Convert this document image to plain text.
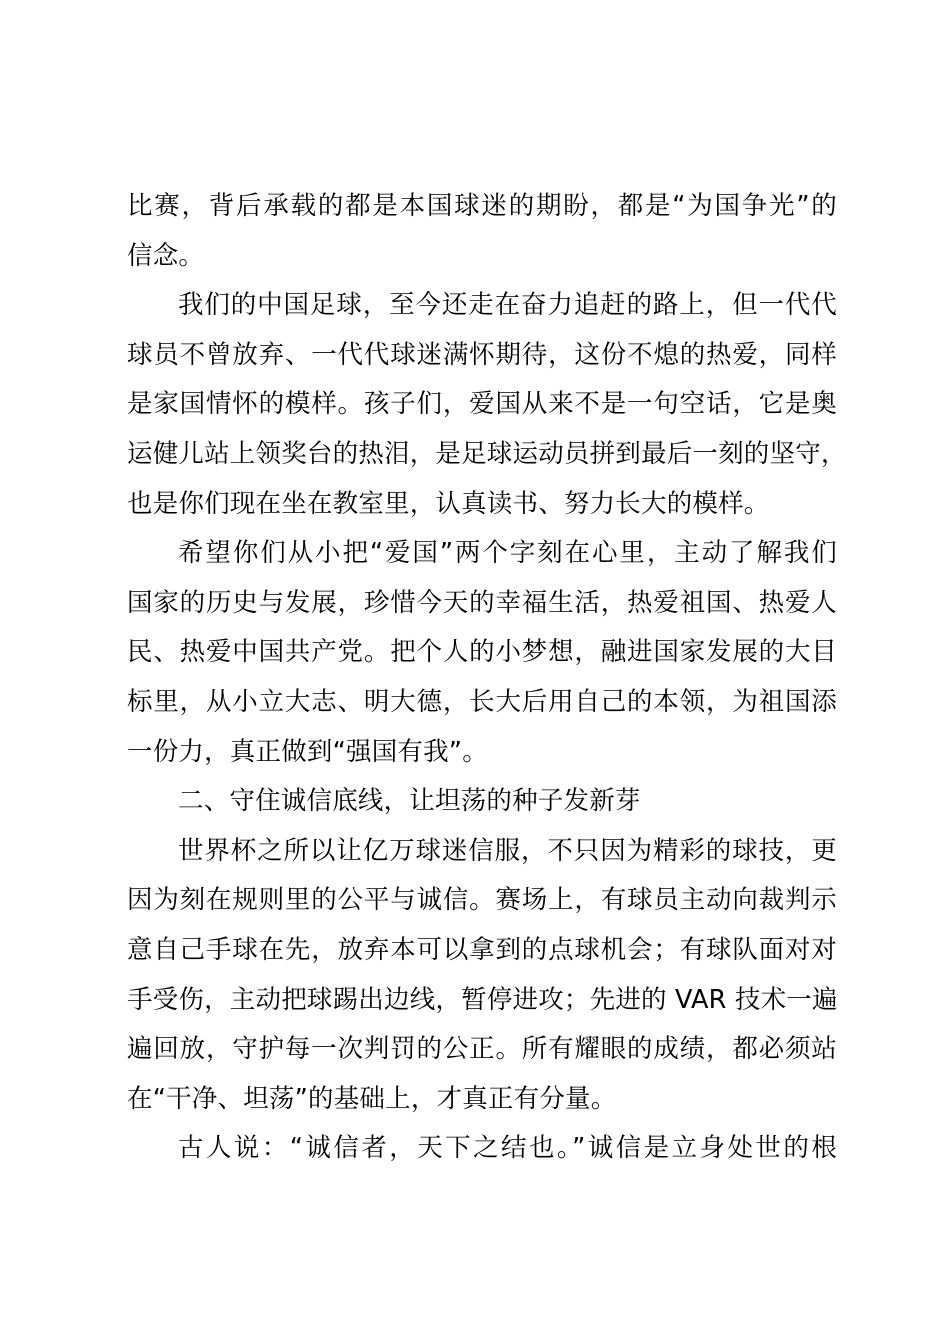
比赛，背后承载的都是本国球迷的期盼，都是“为国争光”的
信念。
我们的中国足球，至今还走在奋力追赶的路上，但一代代
球员不曾放弃、一代代球迷满怀期待，这份不熄的热爱，同样
是家国情怀的模样。孩子们，爱国从来不是一句空话，它是奥
运健儿站上领奖台的热泪，是足球运动员拼到最后一刻的坚守，
也是你们现在坐在教室里，认真读书、努力长大的模样。
希望你们从小把“爱国”两个字刻在心里，主动了解我们
国家的历史与发展，珍惜今天的幸福生活，热爱祖国、热爱人
民、热爱中国共产党。把个人的小梦想，融进国家发展的大目
标里，从小立大志、明大德，长大后用自己的本领，为祖国添
一份力，真正做到“强国有我”。
二、守住诚信底线，让坦荡的种子发新芽
世界杯之所以让亿万球迷信服，不只因为精彩的球技，更
因为刻在规则里的公平与诚信。赛场上，有球员主动向裁判示
意自己手球在先，放弃本可以拿到的点球机会；有球队面对对
手受伤，主动把球踢出边线，暂停进攻；先进的 VAR 技术一遍
遍回放，守护每一次判罚的公正。所有耀眼的成绩，都必须站
在“干净、坦荡”的基础上，才真正有分量。
古人说：“诚信者，天下之结也。”诚信是立身处世的根
